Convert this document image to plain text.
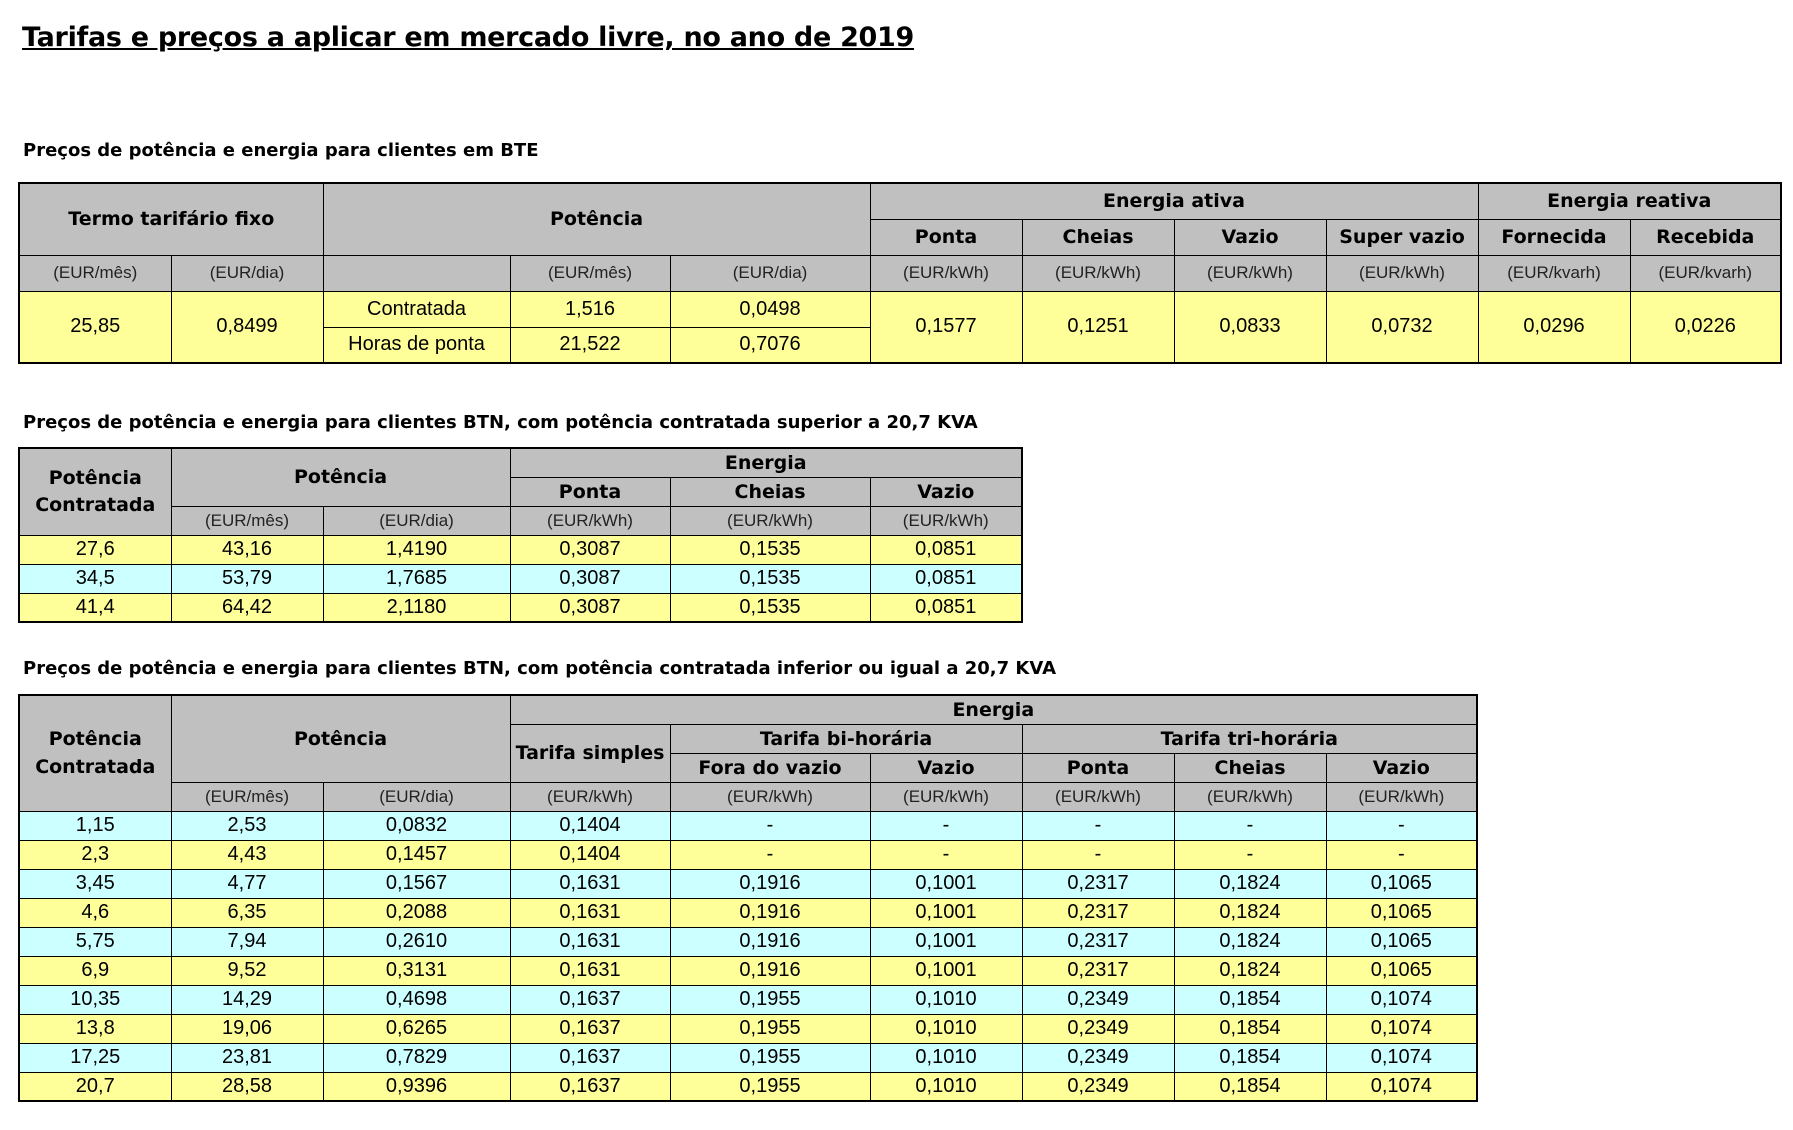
Tarifas e preços a aplicar em mercado livre, no ano de 2019
Preços de potência e energia para clientes em BTE
Termo tarifário fixo		Potência			Energia ativa				Energia reativa	
					Ponta	Cheias	Vazio	Super vazio	Fornecida	Recebida
(EUR/mês)	(EUR/dia)		(EUR/mês)	(EUR/dia)	(EUR/kWh)	(EUR/kWh)	(EUR/kWh)	(EUR/kWh)	(EUR/kvarh)	(EUR/kvarh)
25,85	0,8499	Contratada	1,516	0,0498	0,1577	0,1251	0,0833	0,0732	0,0296	0,0226
		Horas de ponta	21,522	0,7076						
Preços de potência e energia para clientes BTN, com potência contratada superior a 20,7 KVA
Potência Contratada	Potência		Energia		
			Ponta	Cheias	Vazio
	(EUR/mês)	(EUR/dia)	(EUR/kWh)	(EUR/kWh)	(EUR/kWh)
27,6	43,16	1,4190	0,3087	0,1535	0,0851
34,5	53,79	1,7685	0,3087	0,1535	0,0851
41,4	64,42	2,1180	0,3087	0,1535	0,0851
Preços de potência e energia para clientes BTN, com potência contratada inferior ou igual a 20,7 KVA
Potência Contratada	Potência		Energia					
			Tarifa simples	Tarifa bi-horária		Tarifa tri-horária		
				Fora do vazio	Vazio	Ponta	Cheias	Vazio
	(EUR/mês)	(EUR/dia)	(EUR/kWh)	(EUR/kWh)	(EUR/kWh)	(EUR/kWh)	(EUR/kWh)	(EUR/kWh)
1,15	2,53	0,0832	0,1404	-	-	-	-	-
2,3	4,43	0,1457	0,1404	-	-	-	-	-
3,45	4,77	0,1567	0,1631	0,1916	0,1001	0,2317	0,1824	0,1065
4,6	6,35	0,2088	0,1631	0,1916	0,1001	0,2317	0,1824	0,1065
5,75	7,94	0,2610	0,1631	0,1916	0,1001	0,2317	0,1824	0,1065
6,9	9,52	0,3131	0,1631	0,1916	0,1001	0,2317	0,1824	0,1065
10,35	14,29	0,4698	0,1637	0,1955	0,1010	0,2349	0,1854	0,1074
13,8	19,06	0,6265	0,1637	0,1955	0,1010	0,2349	0,1854	0,1074
17,25	23,81	0,7829	0,1637	0,1955	0,1010	0,2349	0,1854	0,1074
20,7	28,58	0,9396	0,1637	0,1955	0,1010	0,2349	0,1854	0,1074
